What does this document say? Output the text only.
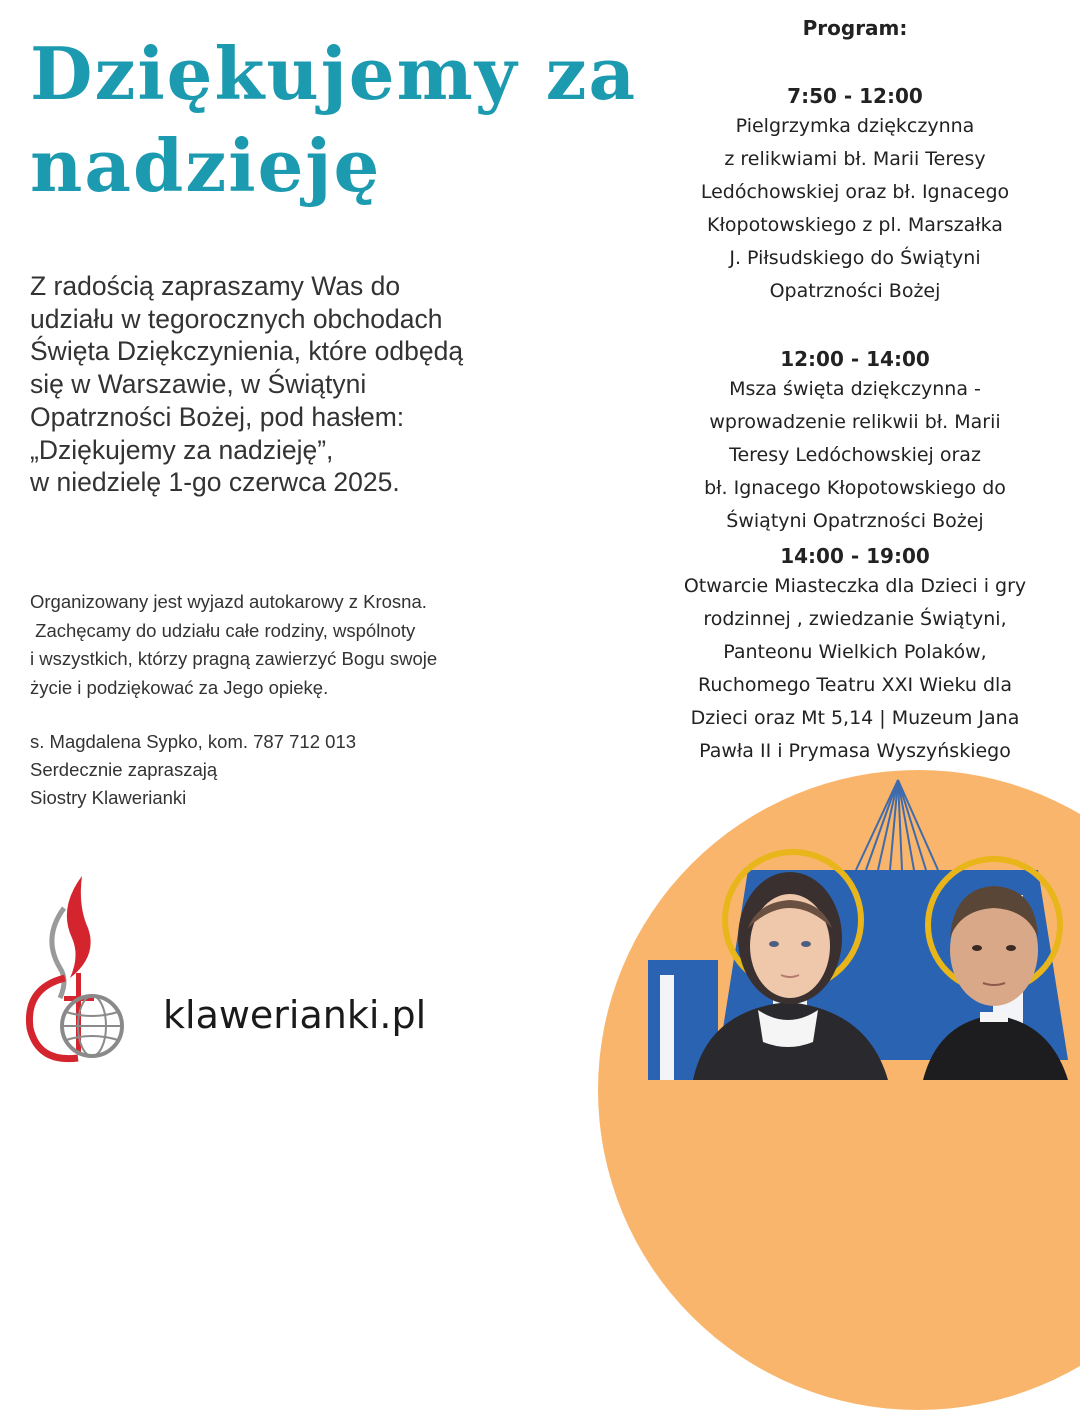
Dziękujemy za
nadzieję
Z radością zapraszamy Was do
udziału w tegorocznych obchodach
Święta Dziękczynienia, które odbędą
się w Warszawie, w Świątyni
Opatrzności Bożej, pod hasłem:
„Dziękujemy za nadzieję”,
w niedzielę 1-go czerwca 2025.
Organizowany jest wyjazd autokarowy z Krosna.
Zachęcamy do udziału całe rodziny, wspólnoty
i wszystkich, którzy pragną zawierzyć Bogu swoje
życie i podziękować za Jego opiekę.
s. Magdalena Sypko, kom. 787 712 013
Serdecznie zapraszają
Siostry Klawerianki
Program:
7:50 - 12:00
Pielgrzymka dziękczynna
z relikwiami bł. Marii Teresy
Ledóchowskiej oraz bł. Ignacego
Kłopotowskiego z pl. Marszałka
J. Piłsudskiego do Świątyni
Opatrzności Bożej
12:00 - 14:00
Msza święta dziękczynna -
wprowadzenie relikwii bł. Marii
Teresy Ledóchowskiej oraz
bł. Ignacego Kłopotowskiego do
Świątyni Opatrzności Bożej
14:00 - 19:00
Otwarcie Miasteczka dla Dzieci i gry
rodzinnej , zwiedzanie Świątyni,
Panteonu Wielkich Polaków,
Ruchomego Teatru XXI Wieku dla
Dzieci oraz Mt 5,14 | Muzeum Jana
Pawła II i Prymasa Wyszyńskiego
klawerianki.pl
